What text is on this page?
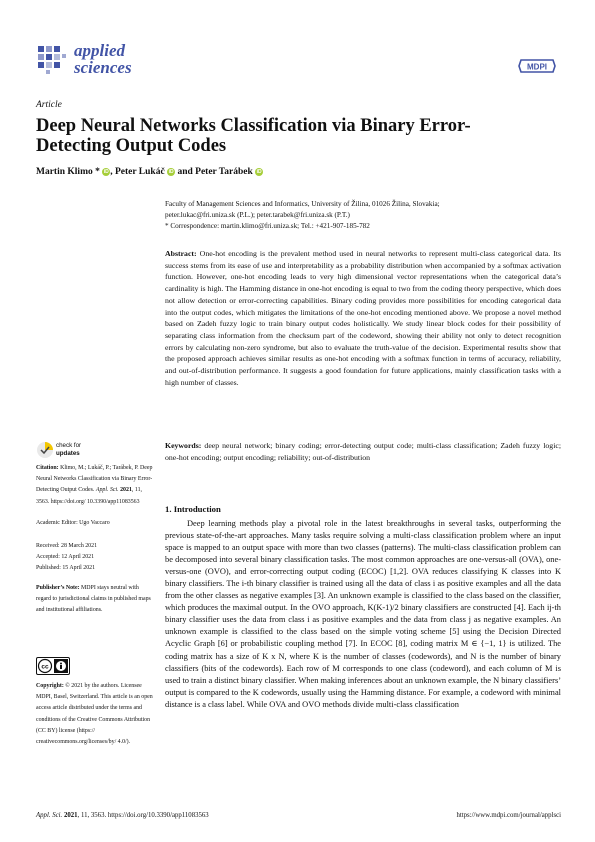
applied
sciences	MDPI
Article
Deep Neural Networks Classification via Binary Error-Detecting Output Codes
Martin Klimo * iD , Peter Lukáč iD and Peter Tarábek iD
Faculty of Management Sciences and Informatics, University of Žilina, 01026 Žilina, Slovakia;
peter.lukac@fri.uniza.sk (P.L.); peter.tarabek@fri.uniza.sk (P.T.)
* Correspondence: martin.klimo@fri.uniza.sk; Tel.: +421-907-185-782
Abstract: One-hot encoding is the prevalent method used in neural networks to represent multi-class categorical data. Its success stems from its ease of use and interpretability as a probability distribution when accompanied by a softmax activation function. However, one-hot encoding leads to very high dimensional vector representations when the categorical data’s cardinality is high. The Hamming distance in one-hot encoding is equal to two from the coding theory perspective, which does not allow detection or error-correcting capabilities. Binary coding provides more possibilities for encoding categorical data into the output codes, which mitigates the limitations of the one-hot encoding mentioned above. We propose a novel method based on Zadeh fuzzy logic to train binary output codes holistically. We study linear block codes for their possibility of separating class information from the checksum part of the codeword, showing their ability not only to detect recognition errors by calculating non-zero syndrome, but also to evaluate the truth-value of the decision. Experimental results show that the proposed approach achieves similar results as one-hot encoding with a softmax function in terms of accuracy, reliability, and out-of-distribution performance. It suggests a good foundation for future applications, mainly classification tasks with a high number of classes.
Keywords: deep neural network; binary coding; error-detecting output code; multi-class classification; Zadeh fuzzy logic; one-hot encoding; output encoding; reliability; out-of-distribution
check for
updates
Citation: Klimo, M.; Lukáč, P.; Tarábek, P. Deep Neural Networks Classification via Binary Error-Detecting Output Codes. Appl. Sci. 2021, 11, 3563. https://doi.org/ 10.3390/app11083563
Academic Editor: Ugo Vaccaro
Received: 28 March 2021
Accepted: 12 April 2021
Published: 15 April 2021
Publisher’s Note: MDPI stays neutral with regard to jurisdictional claims in published maps and institutional affiliations.
cc
Copyright: © 2021 by the authors. Licensee MDPI, Basel, Switzerland. This article is an open access article distributed under the terms and conditions of the Creative Commons Attribution (CC BY) license (https:// creativecommons.org/licenses/by/ 4.0/).
1. Introduction

Deep learning methods play a pivotal role in the latest breakthroughs in several tasks, outperforming the previous state-of-the-art approaches. Many tasks require solving a multi-class classification problem where an input space is mapped to an output space with more than two classes (patterns). The multi-class classification problem can be decomposed into several binary classification tasks. The most common approaches are one-versus-all (OVA), one-versus-one (OVO), and error-correcting output coding (ECOC) [1,2]. OVA reduces classifying K classes into K binary classifiers. The i-th binary classifier is trained using all the data of class i as positive examples and all the data from the other classes as negative examples [3]. An unknown example is classified to the class based on the classifier, which produces the maximal output. In the OVO approach, K(K-1)/2 binary classifiers are constructed [4]. Each ij-th binary classifier uses the data from class i as positive examples and the data from class j as negative examples. An unknown example is classified to the class based on the simple voting scheme [5] using the Decision Directed Acyclic Graph [6] or probabilistic coupling method [7]. In ECOC [8], coding matrix M ∈ {−1, 1} is utilized. The coding matrix has a size of K x N, where K is the number of classes (codewords), and N is the number of binary classifiers (bits of the codewords). Each row of M corresponds to one class (codeword), and each column of M is used to train a distinct binary classifier. When making inferences about an unknown example, the N binary classifiers’ output is compared to the K codewords, usually using the Hamming distance. For example, a codeword with minimal distance is a class label. While OVA and OVO methods divide multi-class classification

Appl. Sci. 2021, 11, 3563. https://doi.org/10.3390/app11083563	https://www.mdpi.com/journal/applsci
